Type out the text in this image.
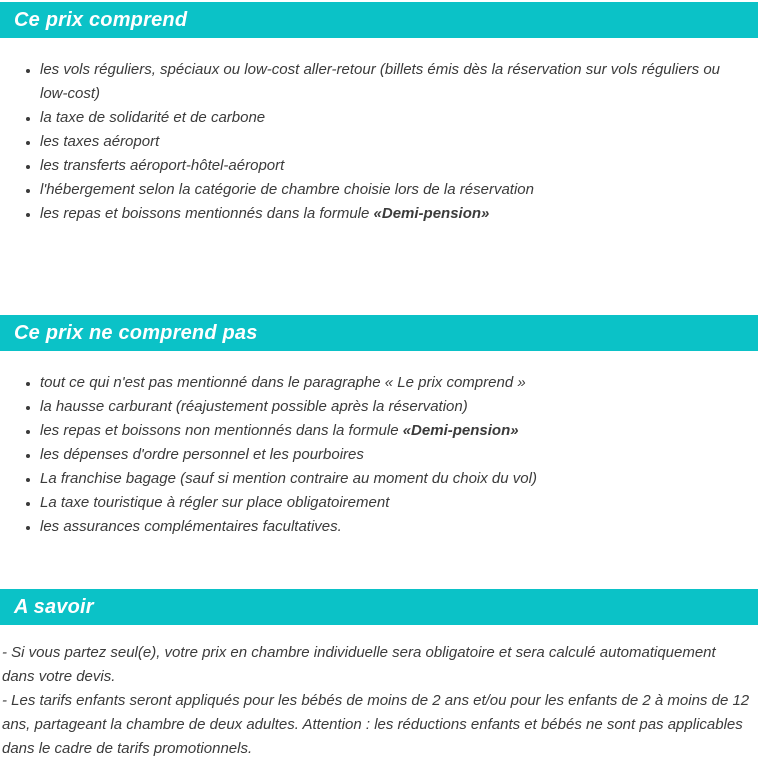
Ce prix comprend
• les vols réguliers, spéciaux ou low-cost aller-retour (billets émis dès la réservation sur vols réguliers ou low-cost)
• la taxe de solidarité et de carbone
• les taxes aéroport
• les transferts aéroport-hôtel-aéroport
• l'hébergement selon la catégorie de chambre choisie lors de la réservation
• les repas et boissons mentionnés dans la formule «Demi-pension»
Ce prix ne comprend pas
• tout ce qui n'est pas mentionné dans le paragraphe « Le prix comprend »
• la hausse carburant (réajustement possible après la réservation)
• les repas et boissons non mentionnés dans la formule «Demi-pension»
• les dépenses d'ordre personnel et les pourboires
• La franchise bagage (sauf si mention contraire au moment du choix du vol)
• La taxe touristique à régler sur place obligatoirement
• les assurances complémentaires facultatives.
A savoir

- Si vous partez seul(e), votre prix en chambre individuelle sera obligatoire et sera calculé automatiquement dans votre devis.

- Les tarifs enfants seront appliqués pour les bébés de moins de 2 ans et/ou pour les enfants de 2 à moins de 12 ans, partageant la chambre de deux adultes. Attention : les réductions enfants et bébés ne sont pas applicables dans le cadre de tarifs promotionnels.
